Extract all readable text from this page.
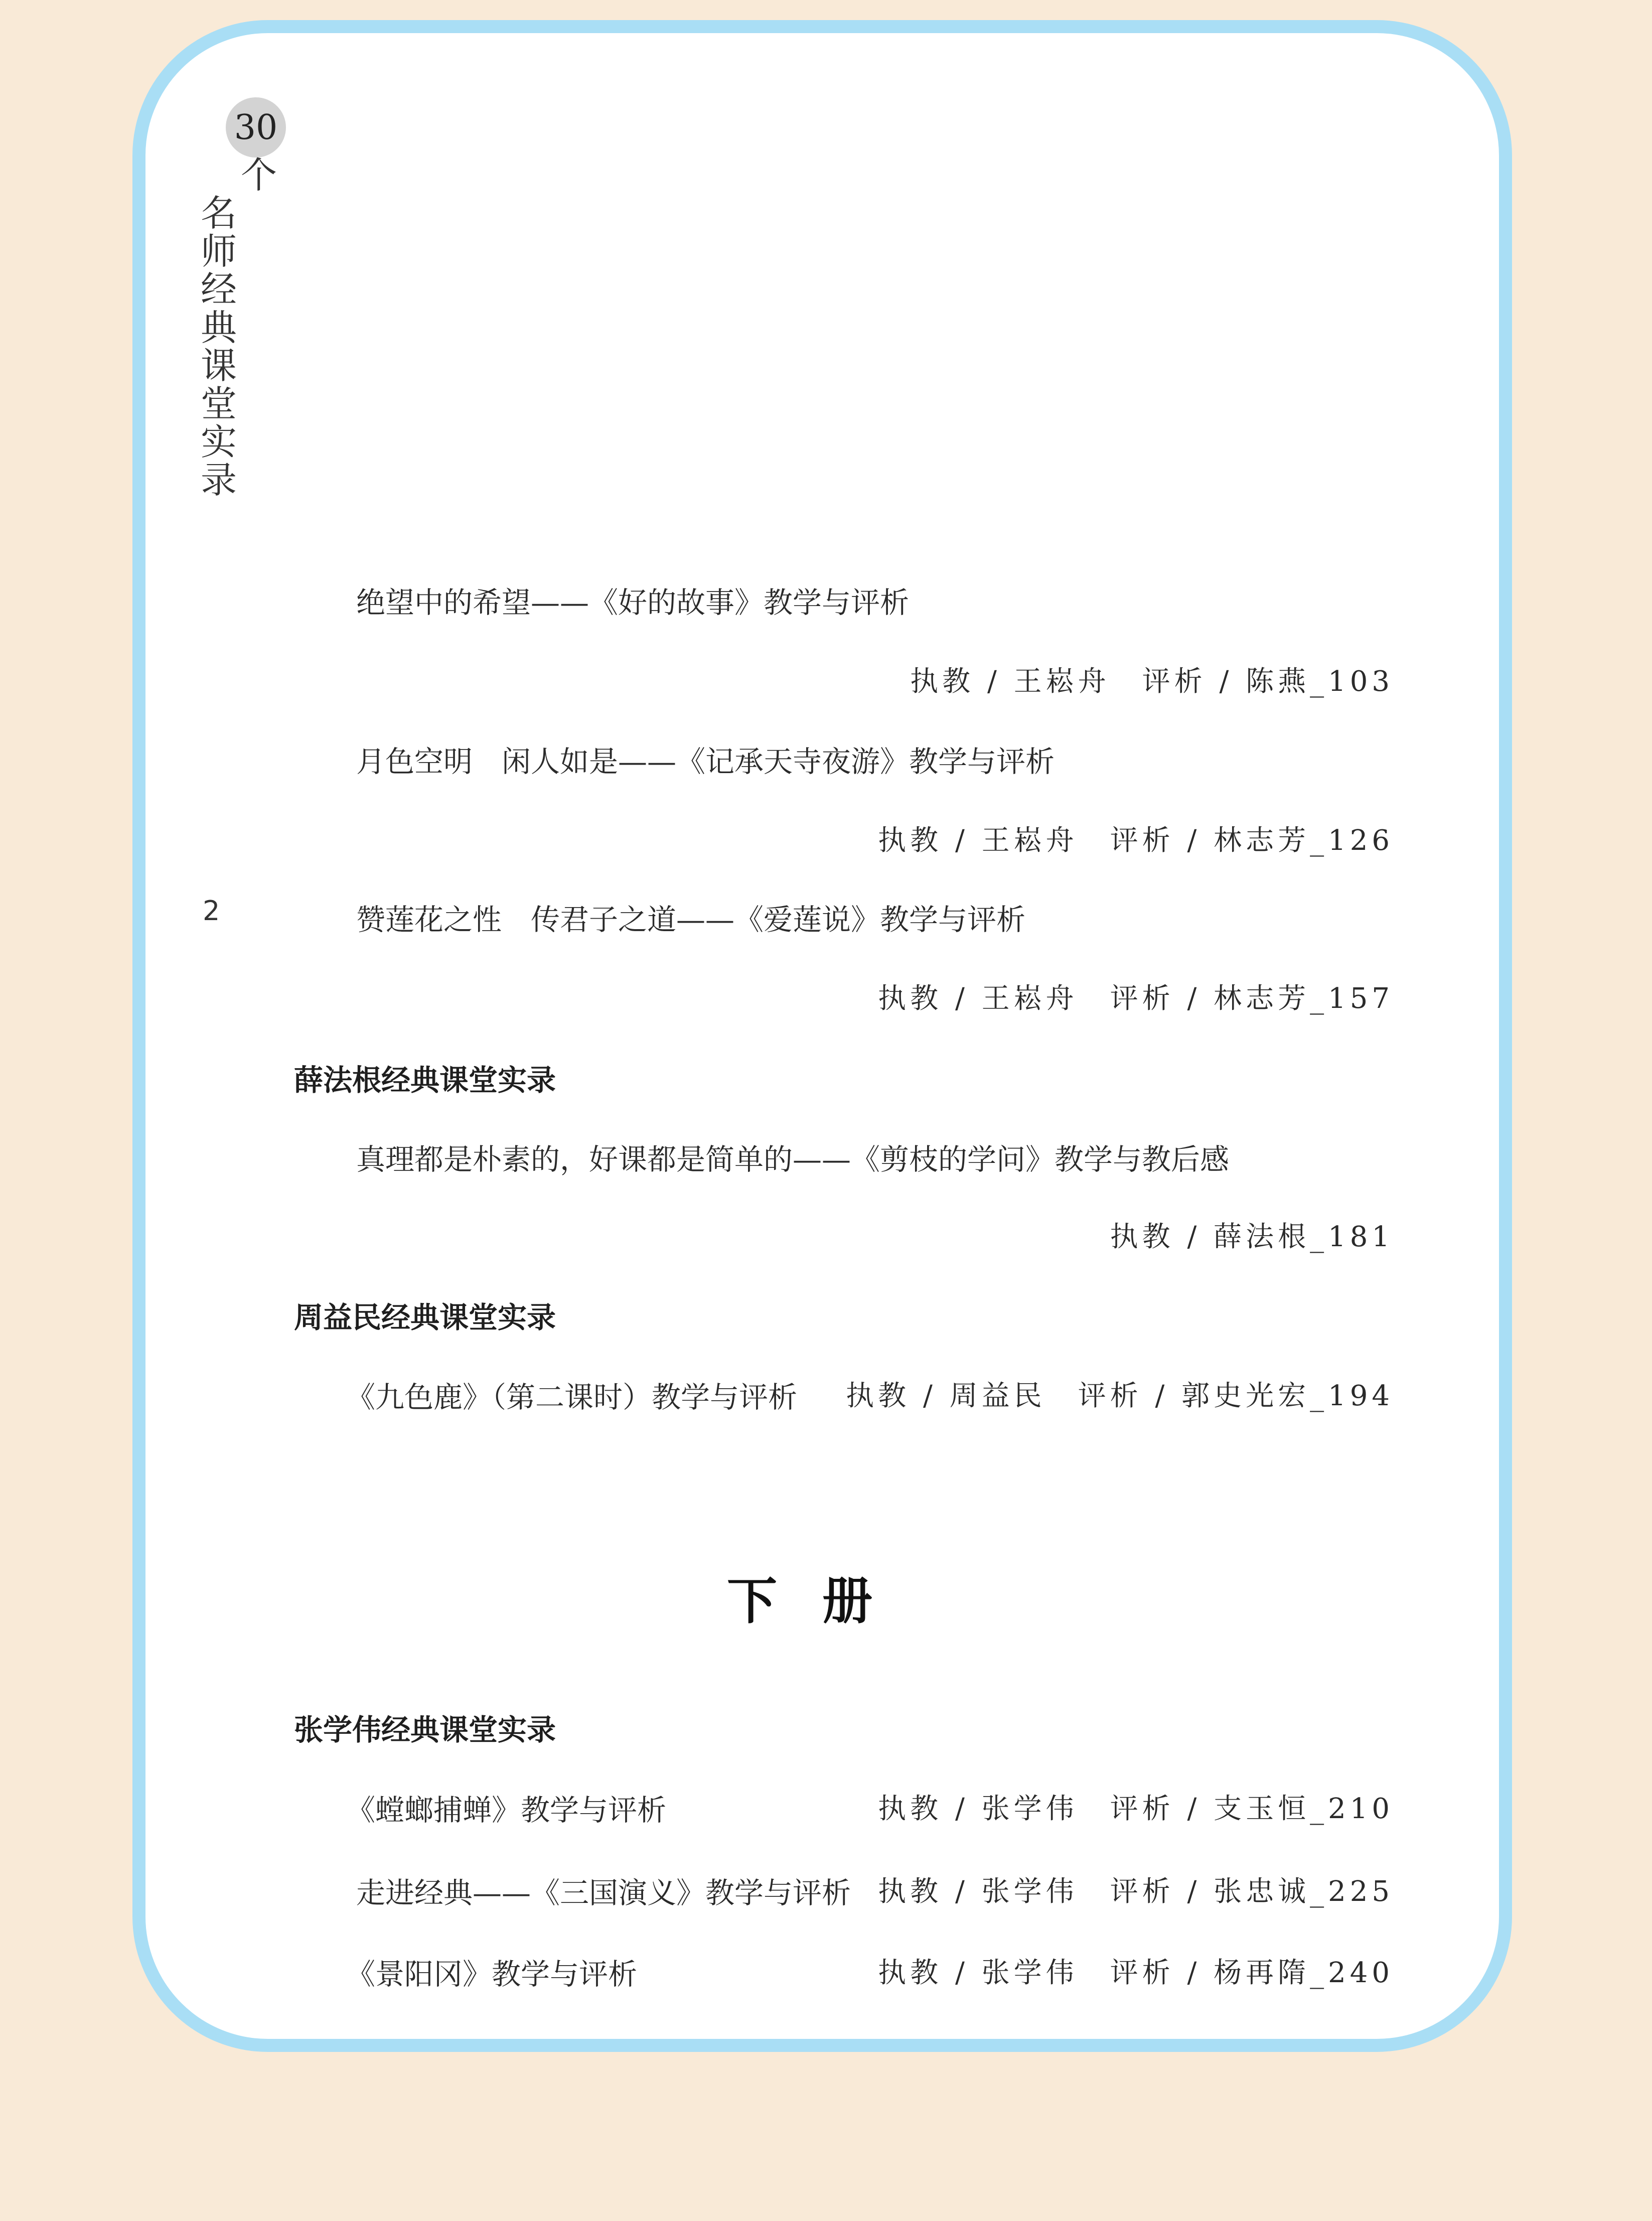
30
个
名师经典课堂实录
2
绝望中的希望——《好的故事》教学与评析
执教 / 王崧舟　评析 / 陈燕_103
月色空明　闲人如是——《记承天寺夜游》教学与评析
执教 / 王崧舟　评析 / 林志芳_126
赞莲花之性　传君子之道——《爱莲说》教学与评析
执教 / 王崧舟　评析 / 林志芳_157
薛法根经典课堂实录
真理都是朴素的，好课都是简单的——《剪枝的学问》教学与教后感
执教 / 薛法根_181
周益民经典课堂实录
《九色鹿》（第二课时）教学与评析 执教 / 周益民　评析 / 郭史光宏_194
下册
张学伟经典课堂实录
《螳螂捕蝉》教学与评析	执教 / 张学伟　评析 / 支玉恒_210
走进经典——《三国演义》教学与评析 执教 / 张学伟　评析 / 张忠诚_225
《景阳冈》教学与评析	执教 / 张学伟　评析 / 杨再隋_240
